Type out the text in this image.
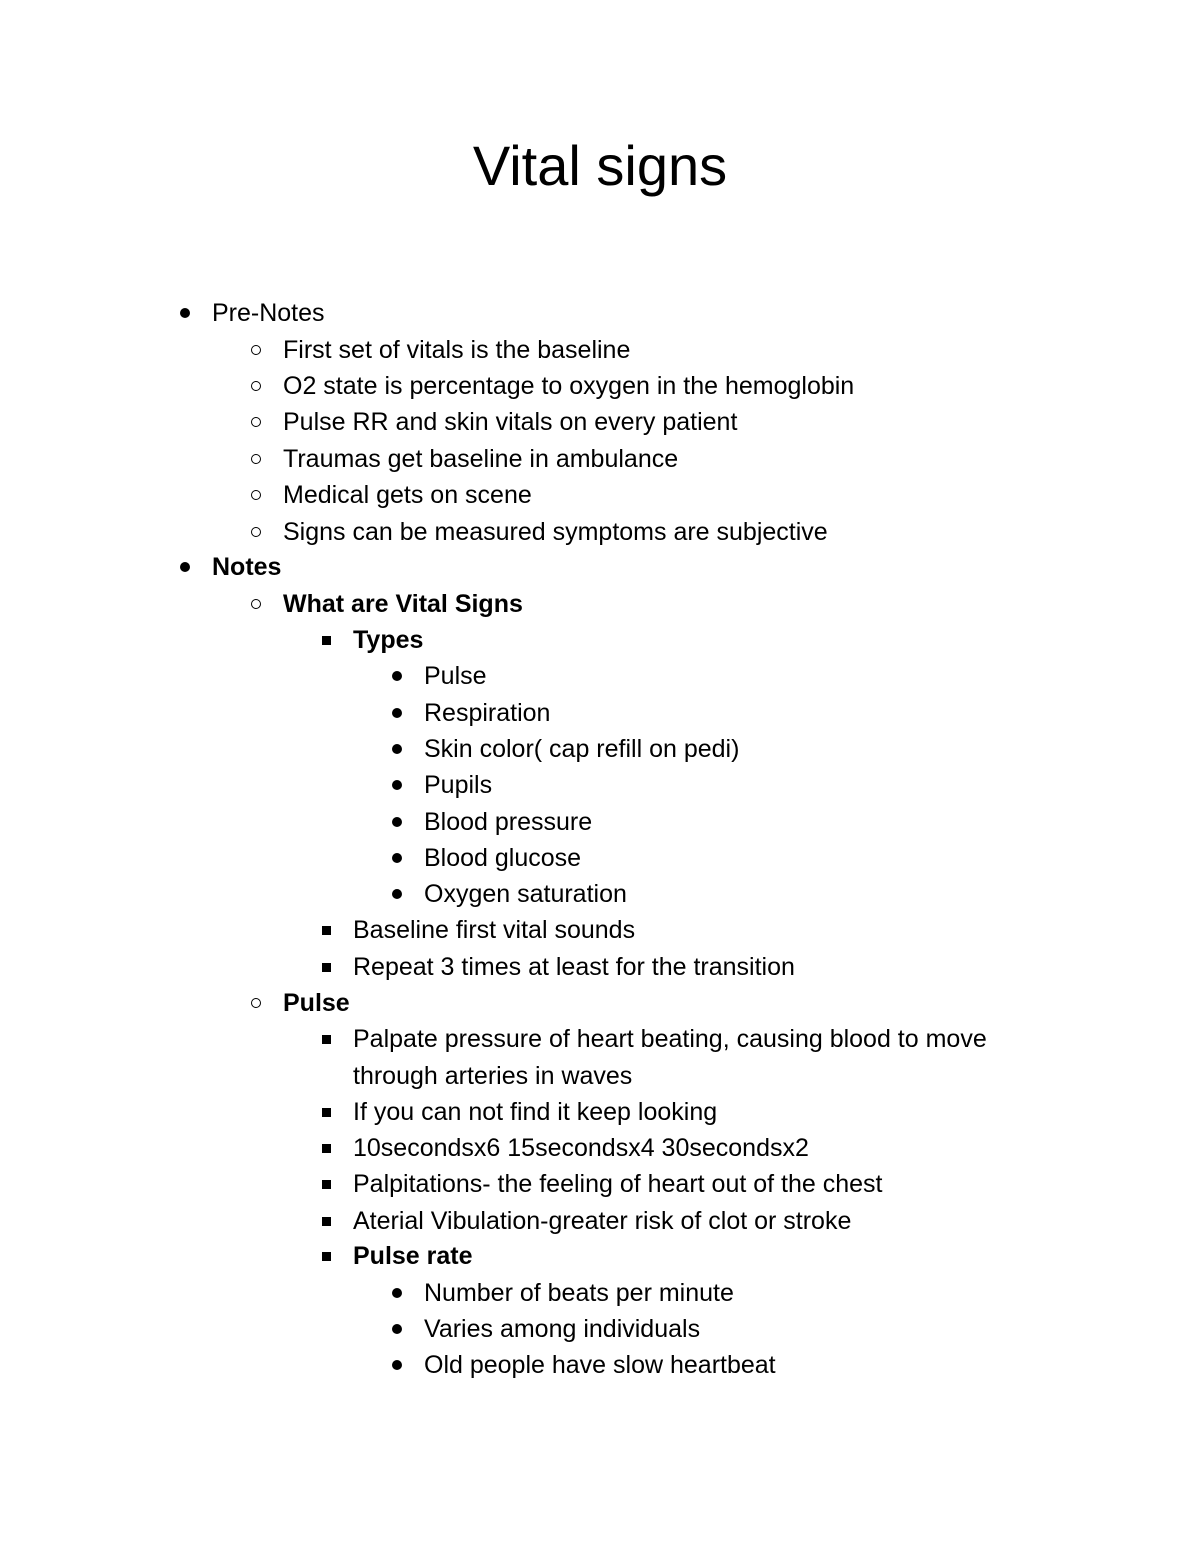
Vital signs
Pre-Notes
First set of vitals is the baseline
O2 state is percentage to oxygen in the hemoglobin
Pulse RR and skin vitals on every patient
Traumas get baseline in ambulance
Medical gets on scene
Signs can be measured symptoms are subjective
Notes
What are Vital Signs
Types
Pulse
Respiration
Skin color( cap refill on pedi)
Pupils
Blood pressure
Blood glucose
Oxygen saturation
Baseline first vital sounds
Repeat 3 times at least for the transition
Pulse
Palpate pressure of heart beating, causing blood to move
through arteries in waves
If you can not find it keep looking
10secondsx6 15secondsx4 30secondsx2
Palpitations- the feeling of heart out of the chest
Aterial Vibulation-greater risk of clot or stroke
Pulse rate
Number of beats per minute
Varies among individuals
Old people have slow heartbeat
